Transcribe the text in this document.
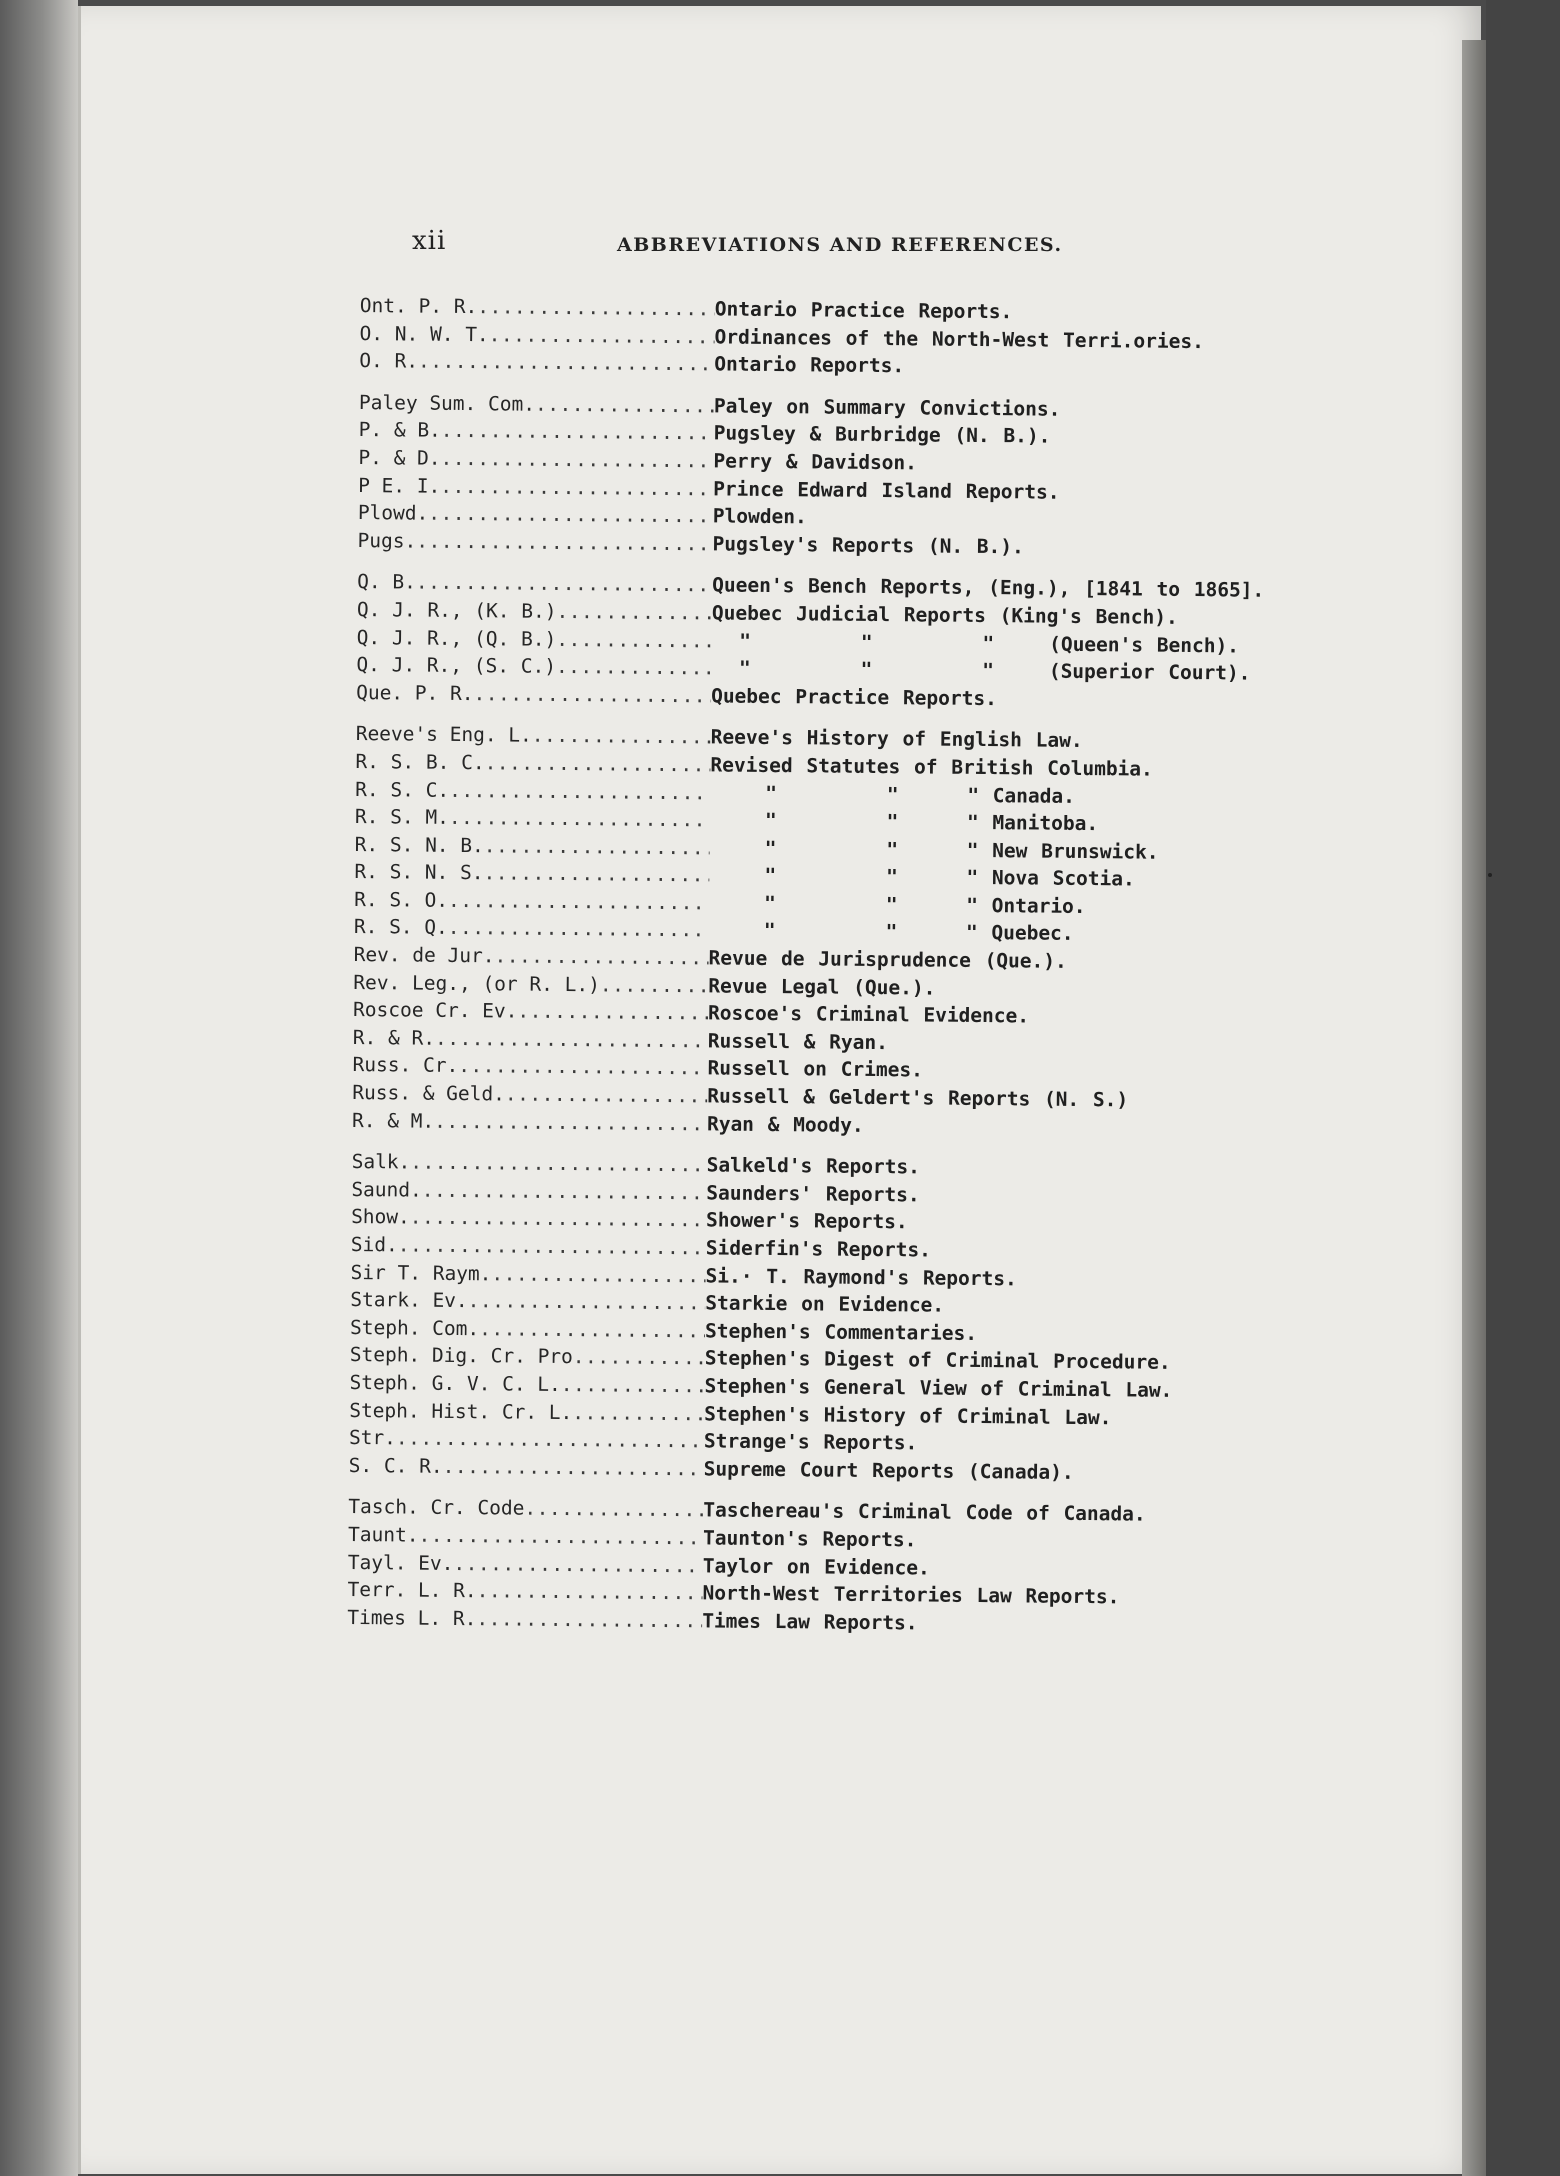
xii	ABBREVIATIONS AND REFERENCES.
Ont. P. R. .....	Ontario Practice Reports.
O. N. W. T. .....	Ordinances of the North-West Terri.ories.
O. R. .....	Ontario Reports.
Paley Sum. Com. .....	Paley on Summary Convictions.
P. & B. .....	Pugsley & Burbridge (N. B.).
P. & D. .....	Perry & Davidson.
P E. I. .....	Prince Edward Island Reports.
Plowd. .....	Plowden.
Pugs. .....	Pugsley's Reports (N. B.).
Q. B. .....	Queen's Bench Reports, (Eng.), [1841 to 1865].
Q. J. R., (K. B.) .....	Quebec Judicial Reports (King's Bench).
Q. J. R., (Q. B.) .....	"        "        "    (Queen's Bench).
Q. J. R., (S. C.) .....	"        "        "    (Superior Court).
Que. P. R. .....	Quebec Practice Reports.
Reeve's Eng. L. .....	Reeve's History of English Law.
R. S. B. C. .....	Revised Statutes of British Columbia.
R. S. C. .....	"        "     " Canada.
R. S. M. .....	"        "     " Manitoba.
R. S. N. B. .....	"        "     " New Brunswick.
R. S. N. S. .....	"        "     " Nova Scotia.
R. S. O. .....	"        "     " Ontario.
R. S. Q. .....	"        "     " Quebec.
Rev. de Jur. .....	Revue de Jurisprudence (Que.).
Rev. Leg., (or R. L.) .....	Revue Legal (Que.).
Roscoe Cr. Ev. .....	Roscoe's Criminal Evidence.
R. & R. .....	Russell & Ryan.
Russ. Cr. .....	Russell on Crimes.
Russ. & Geld. .....	Russell & Geldert's Reports (N. S.)
R. & M. .....	Ryan & Moody.
Salk. .....	Salkeld's Reports.
Saund. .....	Saunders' Reports.
Show. .....	Shower's Reports.
Sid. .....	Siderfin's Reports.
Sir T. Raym. .....	Si.· T. Raymond's Reports.
Stark. Ev. .....	Starkie on Evidence.
Steph. Com. .....	Stephen's Commentaries.
Steph. Dig. Cr. Pro .....	Stephen's Digest of Criminal Procedure.
Steph. G. V. C. L. .....	Stephen's General View of Criminal Law.
Steph. Hist. Cr. L. .....	Stephen's History of Criminal Law.
Str. .....	Strange's Reports.
S. C. R. .....	Supreme Court Reports (Canada).
Tasch. Cr. Code .....	Taschereau's Criminal Code of Canada.
Taunt. .....	Taunton's Reports.
Tayl. Ev. .....	Taylor on Evidence.
Terr. L. R. .....	North-West Territories Law Reports.
Times L. R. .....	Times Law Reports.
